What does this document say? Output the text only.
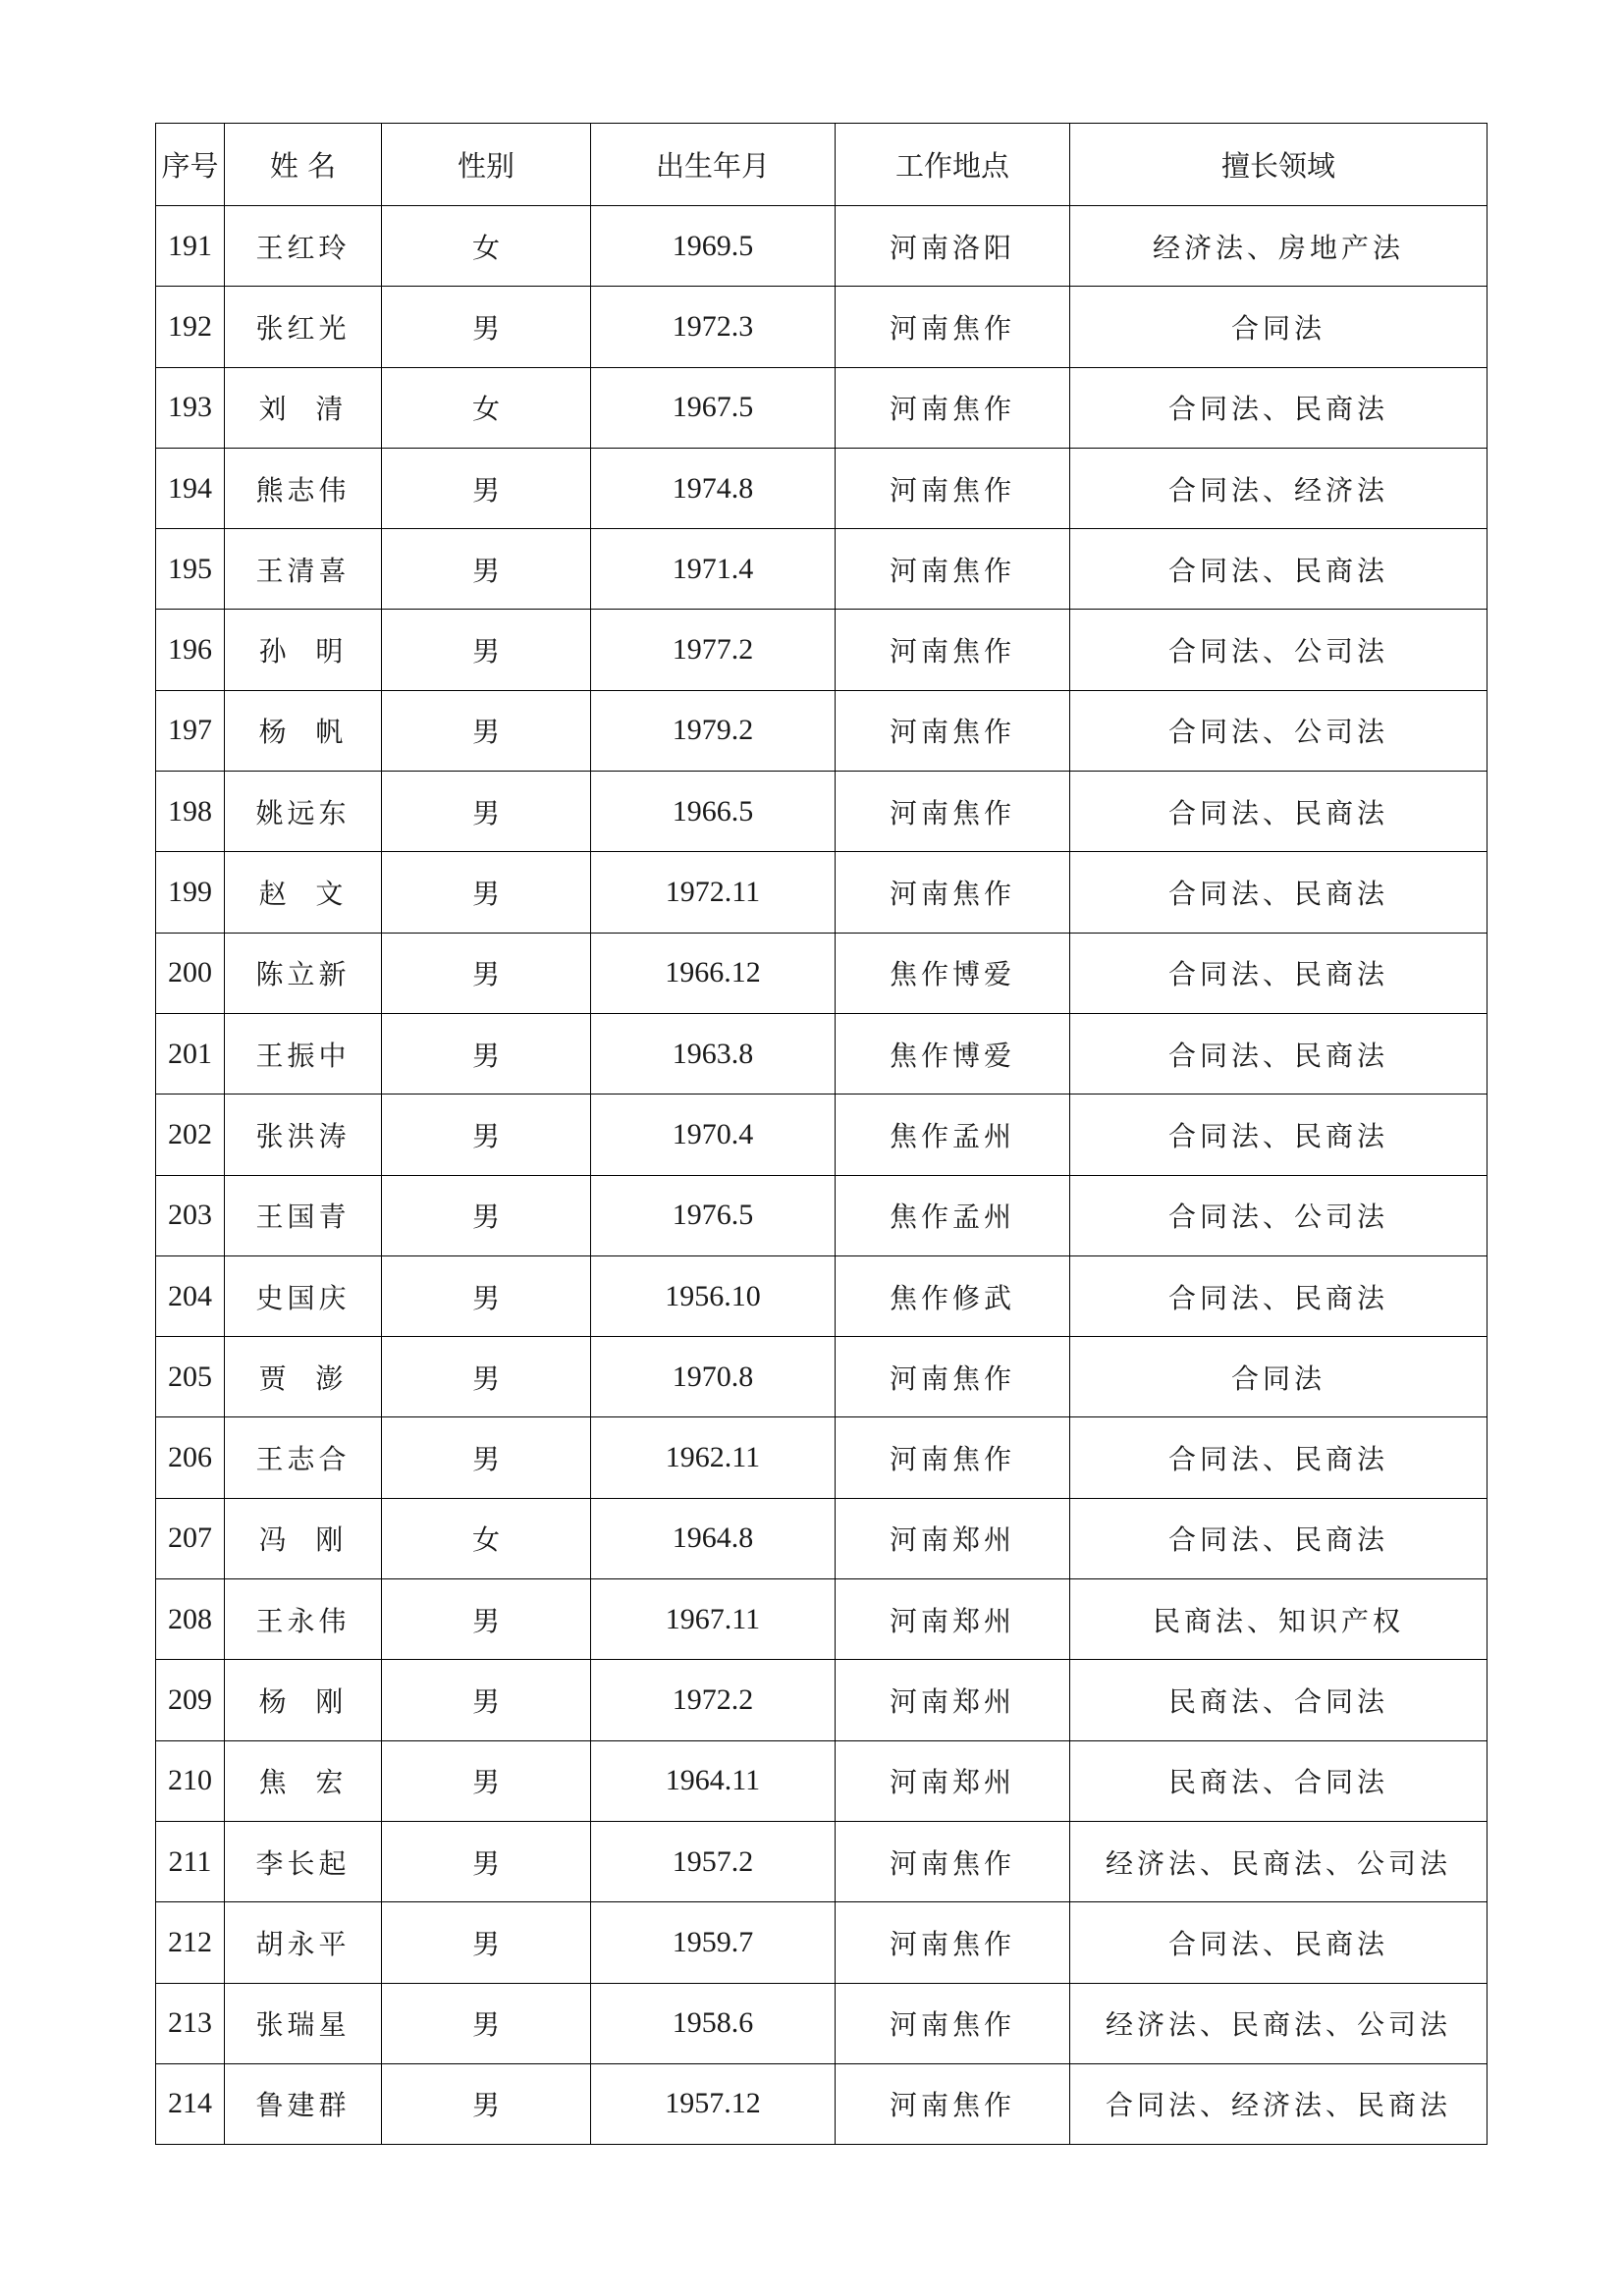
序号	姓 名	性别	出生年月	工作地点	擅长领域
191	王红玲	女	1969.5	河南洛阳	经济法、房地产法
192	张红光	男	1972.3	河南焦作	合同法
193	刘  清	女	1967.5	河南焦作	合同法、民商法
194	熊志伟	男	1974.8	河南焦作	合同法、经济法
195	王清喜	男	1971.4	河南焦作	合同法、民商法
196	孙  明	男	1977.2	河南焦作	合同法、公司法
197	杨  帆	男	1979.2	河南焦作	合同法、公司法
198	姚远东	男	1966.5	河南焦作	合同法、民商法
199	赵  文	男	1972.11	河南焦作	合同法、民商法
200	陈立新	男	1966.12	焦作博爱	合同法、民商法
201	王振中	男	1963.8	焦作博爱	合同法、民商法
202	张洪涛	男	1970.4	焦作孟州	合同法、民商法
203	王国青	男	1976.5	焦作孟州	合同法、公司法
204	史国庆	男	1956.10	焦作修武	合同法、民商法
205	贾  澎	男	1970.8	河南焦作	合同法
206	王志合	男	1962.11	河南焦作	合同法、民商法
207	冯  刚	女	1964.8	河南郑州	合同法、民商法
208	王永伟	男	1967.11	河南郑州	民商法、知识产权
209	杨  刚	男	1972.2	河南郑州	民商法、合同法
210	焦  宏	男	1964.11	河南郑州	民商法、合同法
211	李长起	男	1957.2	河南焦作	经济法、民商法、公司法
212	胡永平	男	1959.7	河南焦作	合同法、民商法
213	张瑞星	男	1958.6	河南焦作	经济法、民商法、公司法
214	鲁建群	男	1957.12	河南焦作	合同法、经济法、民商法
